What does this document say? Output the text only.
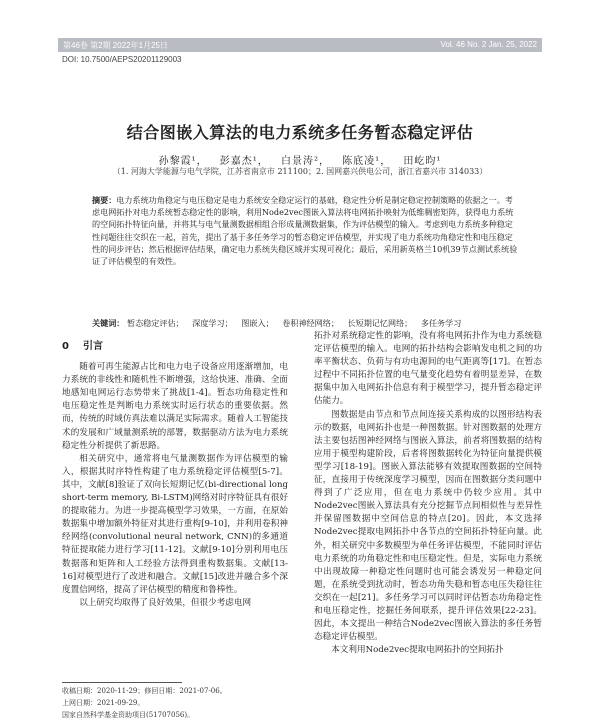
第46卷 第2期 2022年1月25日	Vol. 46 No. 2 Jan. 25, 2022
DOI: 10.7500/AEPS20201129003
结合图嵌入算法的电力系统多任务暂态稳定评估
孙黎霞¹， 彭嘉杰¹， 白景涛²， 陈底凌¹， 田屹昀¹
（1. 河海大学能源与电气学院，江苏省南京市 211100；2. 国网嘉兴供电公司，浙江省嘉兴市 314033）
摘要：电力系统功角稳定与电压稳定是电力系统安全稳定运行的基础，稳定性分析是制定稳定控制策略的依据之一。考虑电网拓扑对电力系统暂态稳定性的影响，利用Node2vec图嵌入算法将电网拓扑映射为低维稠密矩阵，获得电力系统的空间拓扑特征向量，并将其与电气量测数据相组合形成量测数据集，作为评估模型的输入。考虑到电力系统多种稳定性问题往往交织在一起，首先，提出了基于多任务学习的暂态稳定评估模型，并实现了电力系统功角稳定性和电压稳定性的同步评估；然后根据评估结果，确定电力系统失稳区域并实现可视化；最后，采用新英格兰10机39节点测试系统验证了评估模型的有效性。
关键词： 暂态稳定评估； 深度学习； 图嵌入； 卷积神经网络； 长短期记忆网络； 多任务学习
0 引言

随着可再生能源占比和电力电子设备应用逐渐增加，电力系统的非线性和随机性不断增强，这给快速、准确、全面地感知电网运行态势带来了挑战[1-4]。暂态功角稳定性和电压稳定性是判断电力系统实时运行状态的重要依据。然而，传统的时域仿真法难以满足实际需求。随着人工智能技术的发展和广域量测系统的部署，数据驱动方法为电力系统稳定性分析提供了新思路。

相关研究中，通常将电气量测数据作为评估模型的输入，根据其时序特性构建了电力系统稳定评估模型[5-7]。其中，文献[8]验证了双向长短期记忆(bi-directional long short-term memory, Bi-LSTM)网络对时序特征具有很好的提取能力。为进一步提高模型学习效果，一方面，在原始数据集中增加额外特征对其进行重构[9-10]，并利用卷积神经网络(convolutional neural network, CNN)的多通道特征提取能力进行学习[11-12]。文献[9-10]分别利用电压数据落和矩阵和人工经验方法得到重构数据集。文献[13-16]对模型进行了改进和融合。文献[15]改进并融合多个深度置信网络，提高了评估模型的精度和鲁棒性。

以上研究均取得了良好效果，但很少考虑电网

拓扑对系统稳定性的影响，没有将电网拓扑作为电力系统稳定评估模型的输入。电网的拓扑结构会影响发电机之间的功率平衡状态、负荷与有功电源间的电气距离等[17]。在暂态过程中不同拓扑位置的电气量变化趋势有着明显差异，在数据集中加入电网拓扑信息有利于模型学习，提升暂态稳定评估能力。

图数据是由节点和节点间连接关系构成的以图形结构表示的数据，电网拓扑也是一种图数据。针对图数据的处理方法主要包括图神经网络与图嵌入算法，前者将图数据的结构应用于模型构建阶段，后者将图数据转化为特征向量提供模型学习[18-19]。图嵌入算法能够有效提取图数据的空间特征，直接用于传统深度学习模型，因而在图数据分类问题中得到了广泛应用，但在电力系统中仍较少应用。其中Node2vec图嵌入算法具有充分挖掘节点间相似性与差异性并保留图数据中空间信息的特点[20]。因此，本文选择Node2vec提取电网拓扑中各节点的空间拓扑特征向量。此外，相关研究中多数模型为单任务评估模型，不能同时评估电力系统的功角稳定性和电压稳定性。但是，实际电力系统中出现故障一种稳定性问题时也可能会诱发另一种稳定问题，在系统受到扰动时，暂态功角失稳和暂态电压失稳往往交织在一起[21]。多任务学习可以同时评估暂态功角稳定性和电压稳定性，挖掘任务间联系，提升评估效果[22-23]。因此，本文提出一种结合Node2vec图嵌入算法的多任务暂态稳定评估模型。

本文利用Node2vec提取电网拓扑的空间拓扑

收稿日期：2020-11-29；修回日期：2021-07-06。
上网日期：2021-09-29。
国家自然科学基金资助项目(51707056)。
